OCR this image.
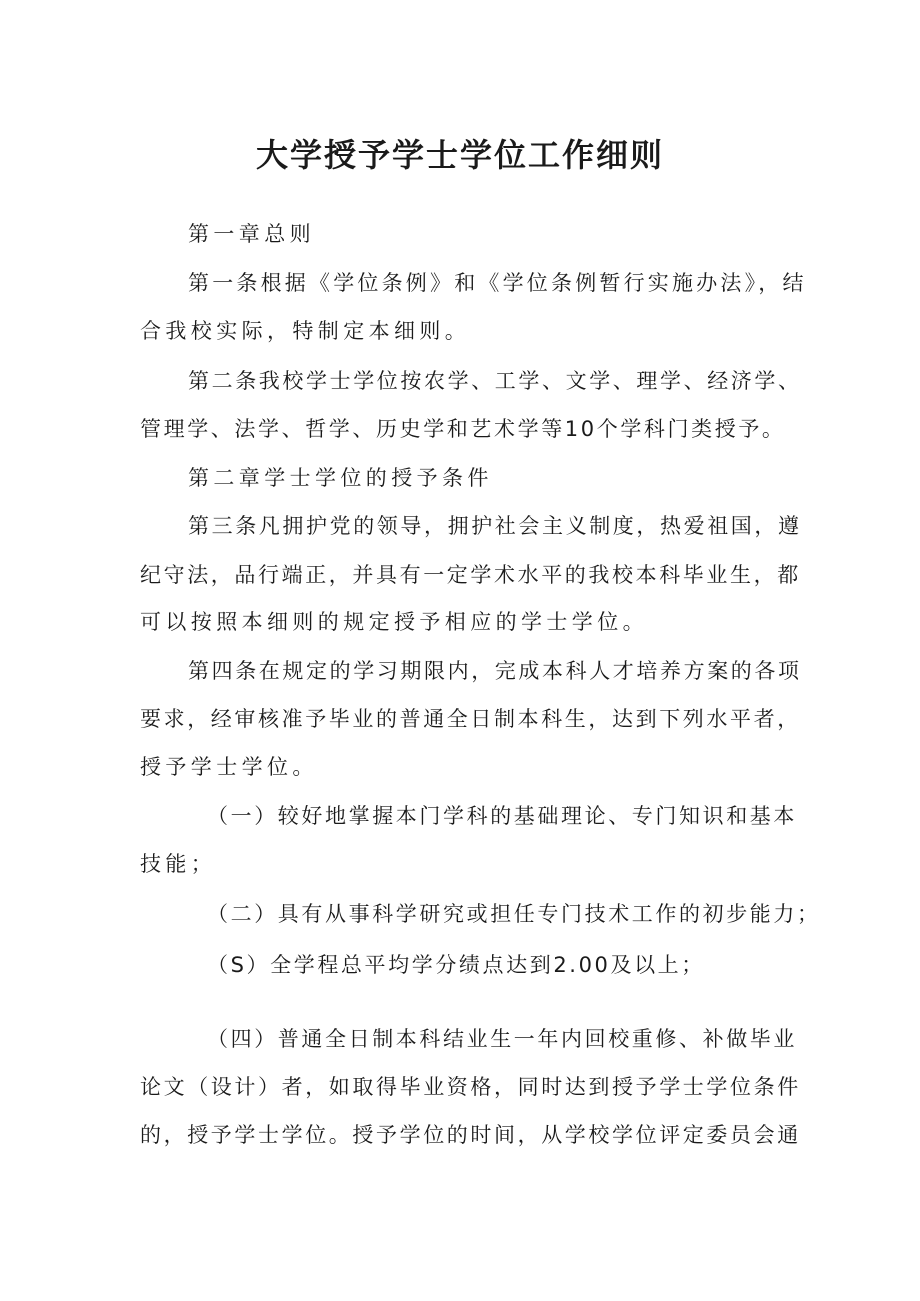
大学授予学士学位工作细则
第一章总则
第一条根据《学位条例》和《学位条例暂行实施办法》，结
合我校实际，特制定本细则。
第二条我校学士学位按农学、工学、文学、理学、经济学、
管理学、法学、哲学、历史学和艺术学等10个学科门类授予。
第二章学士学位的授予条件
第三条凡拥护党的领导，拥护社会主义制度，热爱祖国，遵
纪守法，品行端正，并具有一定学术水平的我校本科毕业生，都
可以按照本细则的规定授予相应的学士学位。
第四条在规定的学习期限内，完成本科人才培养方案的各项
要求，经审核准予毕业的普通全日制本科生，达到下列水平者，
授予学士学位。
（一）较好地掌握本门学科的基础理论、专门知识和基本
技能；
（二）具有从事科学研究或担任专门技术工作的初步能力；
（S）全学程总平均学分绩点达到2.00及以上；
（四）普通全日制本科结业生一年内回校重修、补做毕业
论文（设计）者，如取得毕业资格，同时达到授予学士学位条件
的，授予学士学位。授予学位的时间，从学校学位评定委员会通
